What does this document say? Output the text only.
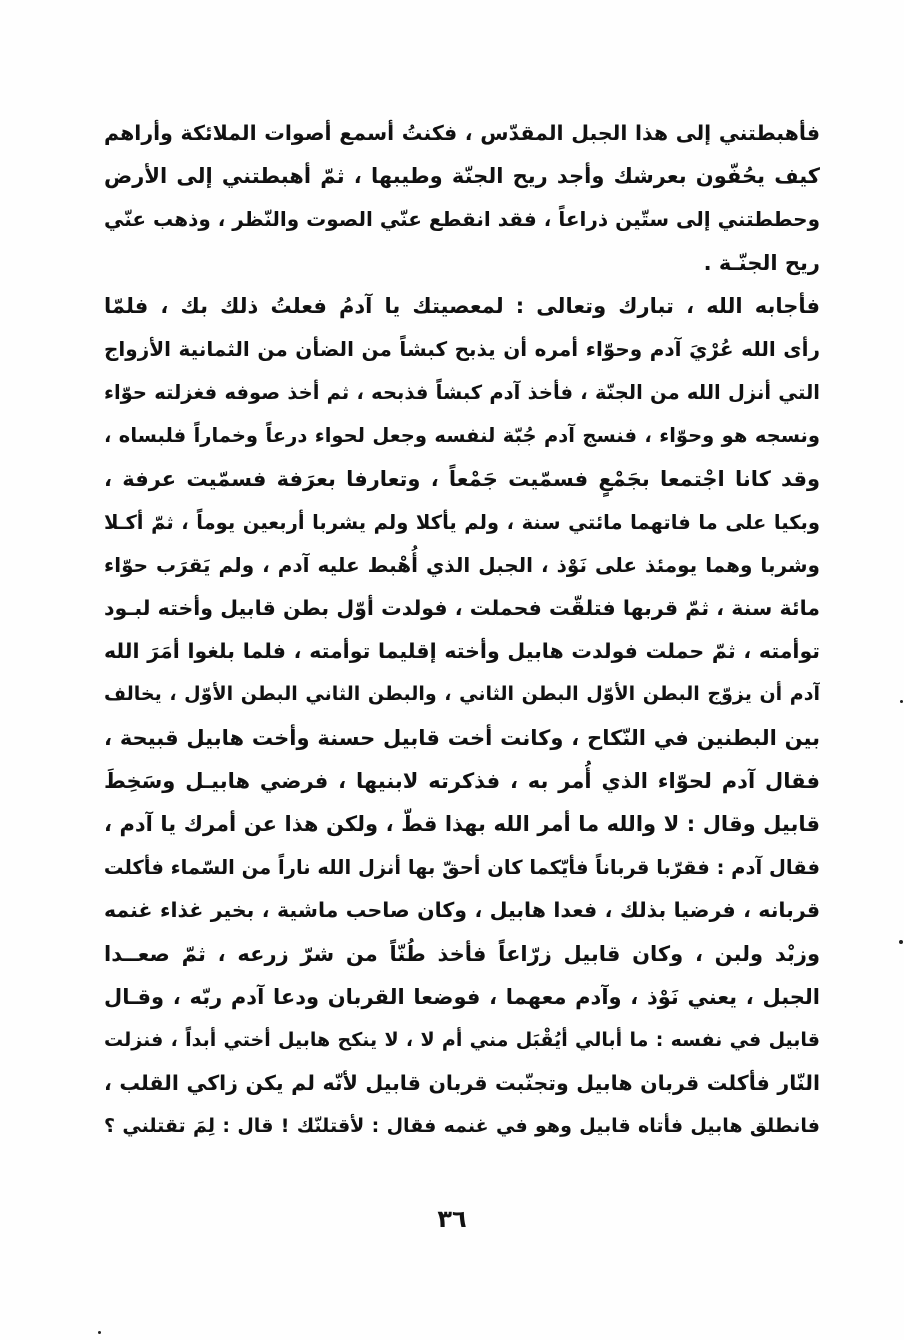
فأهبطتني إلى هذا الجبل المقدّس ، فكنتُ أسمع أصوات الملائكة وأراهم
كيف يحُفّون بعرشك وأجد ريح الجنّة وطيبها ، ثمّ أهبطتني إلى الأرض
وحططتني إلى ستّين ذراعاً ، فقد انقطع عنّي الصوت والنّظر ، وذهب عنّي
ريح الجنّـة .
فأجابه الله ، تبارك وتعالى : لمعصيتك يا آدمُ فعلتُ ذلك بك ، فلمّا
رأى الله عُرْيَ آدم وحوّاء أمره أن يذبح كبشاً من الضأن من الثمانية الأزواج
التي أنزل الله من الجنّة ، فأخذ آدم كبشاً فذبحه ، ثم أخذ صوفه فغزلته حوّاء
ونسجه هو وحوّاء ، فنسج آدم جُبّة لنفسه وجعل لحواء درعاً وخماراً فلبساه ،
وقد كانا اجْتمعا بجَمْعٍ فسمّيت جَمْعاً ، وتعارفا بعرَفة فسمّيت عرفة ،
وبكيا على ما فاتهما مائتي سنة ، ولم يأكلا ولم يشربا أربعين يوماً ، ثمّ أكـلا
وشربا وهما يومئذ على نَوْذ ، الجبل الذي أُهْبط عليه آدم ، ولم يَقرَب حوّاء
مائة سنة ، ثمّ قربها فتلقّت فحملت ، فولدت أوّل بطن قابيل وأخته لبـود
توأمته ، ثمّ حملت فولدت هابيل وأخته إقليما توأمته ، فلما بلغوا أمَرَ الله
آدم أن يزوّج البطن الأوّل البطن الثاني ، والبطن الثاني البطن الأوّل ، يخالف
بين البطنين في النّكاح ، وكانت أخت قابيل حسنة وأخت هابيل قبيحة ،
فقال آدم لحوّاء الذي أُمر به ، فذكرته لابنيها ، فرضي هابيـل وسَخِطَ
قابيل وقال : لا والله ما أمر الله بهذا قطّ ، ولكن هذا عن أمرك يا آدم ،
فقال آدم : فقرّبا قرباناً فأيّكما كان أحقّ بها أنزل الله ناراً من السّماء فأكلت
قربانه ، فرضيا بذلك ، فعدا هابيل ، وكان صاحب ماشية ، بخير غذاء غنمه
وزبْد ولبن ، وكان قابيل زرّاعاً فأخذ طُنّاً من شرّ زرعه ، ثمّ صعــدا
الجبل ، يعني نَوْذ ، وآدم معهما ، فوضعا القربان ودعا آدم ربّه ، وقـال
قابيل في نفسه : ما أبالي أيُقْبَل مني أم لا ، لا ينكح هابيل أختي أبداً ، فنزلت
النّار فأكلت قربان هابيل وتجنّبت قربان قابيل لأنّه لم يكن زاكي القلب ،
فانطلق هابيل فأتاه قابيل وهو في غنمه فقال : لأقتلنّك ! قال : لِمَ تقتلني ؟
٣٦
